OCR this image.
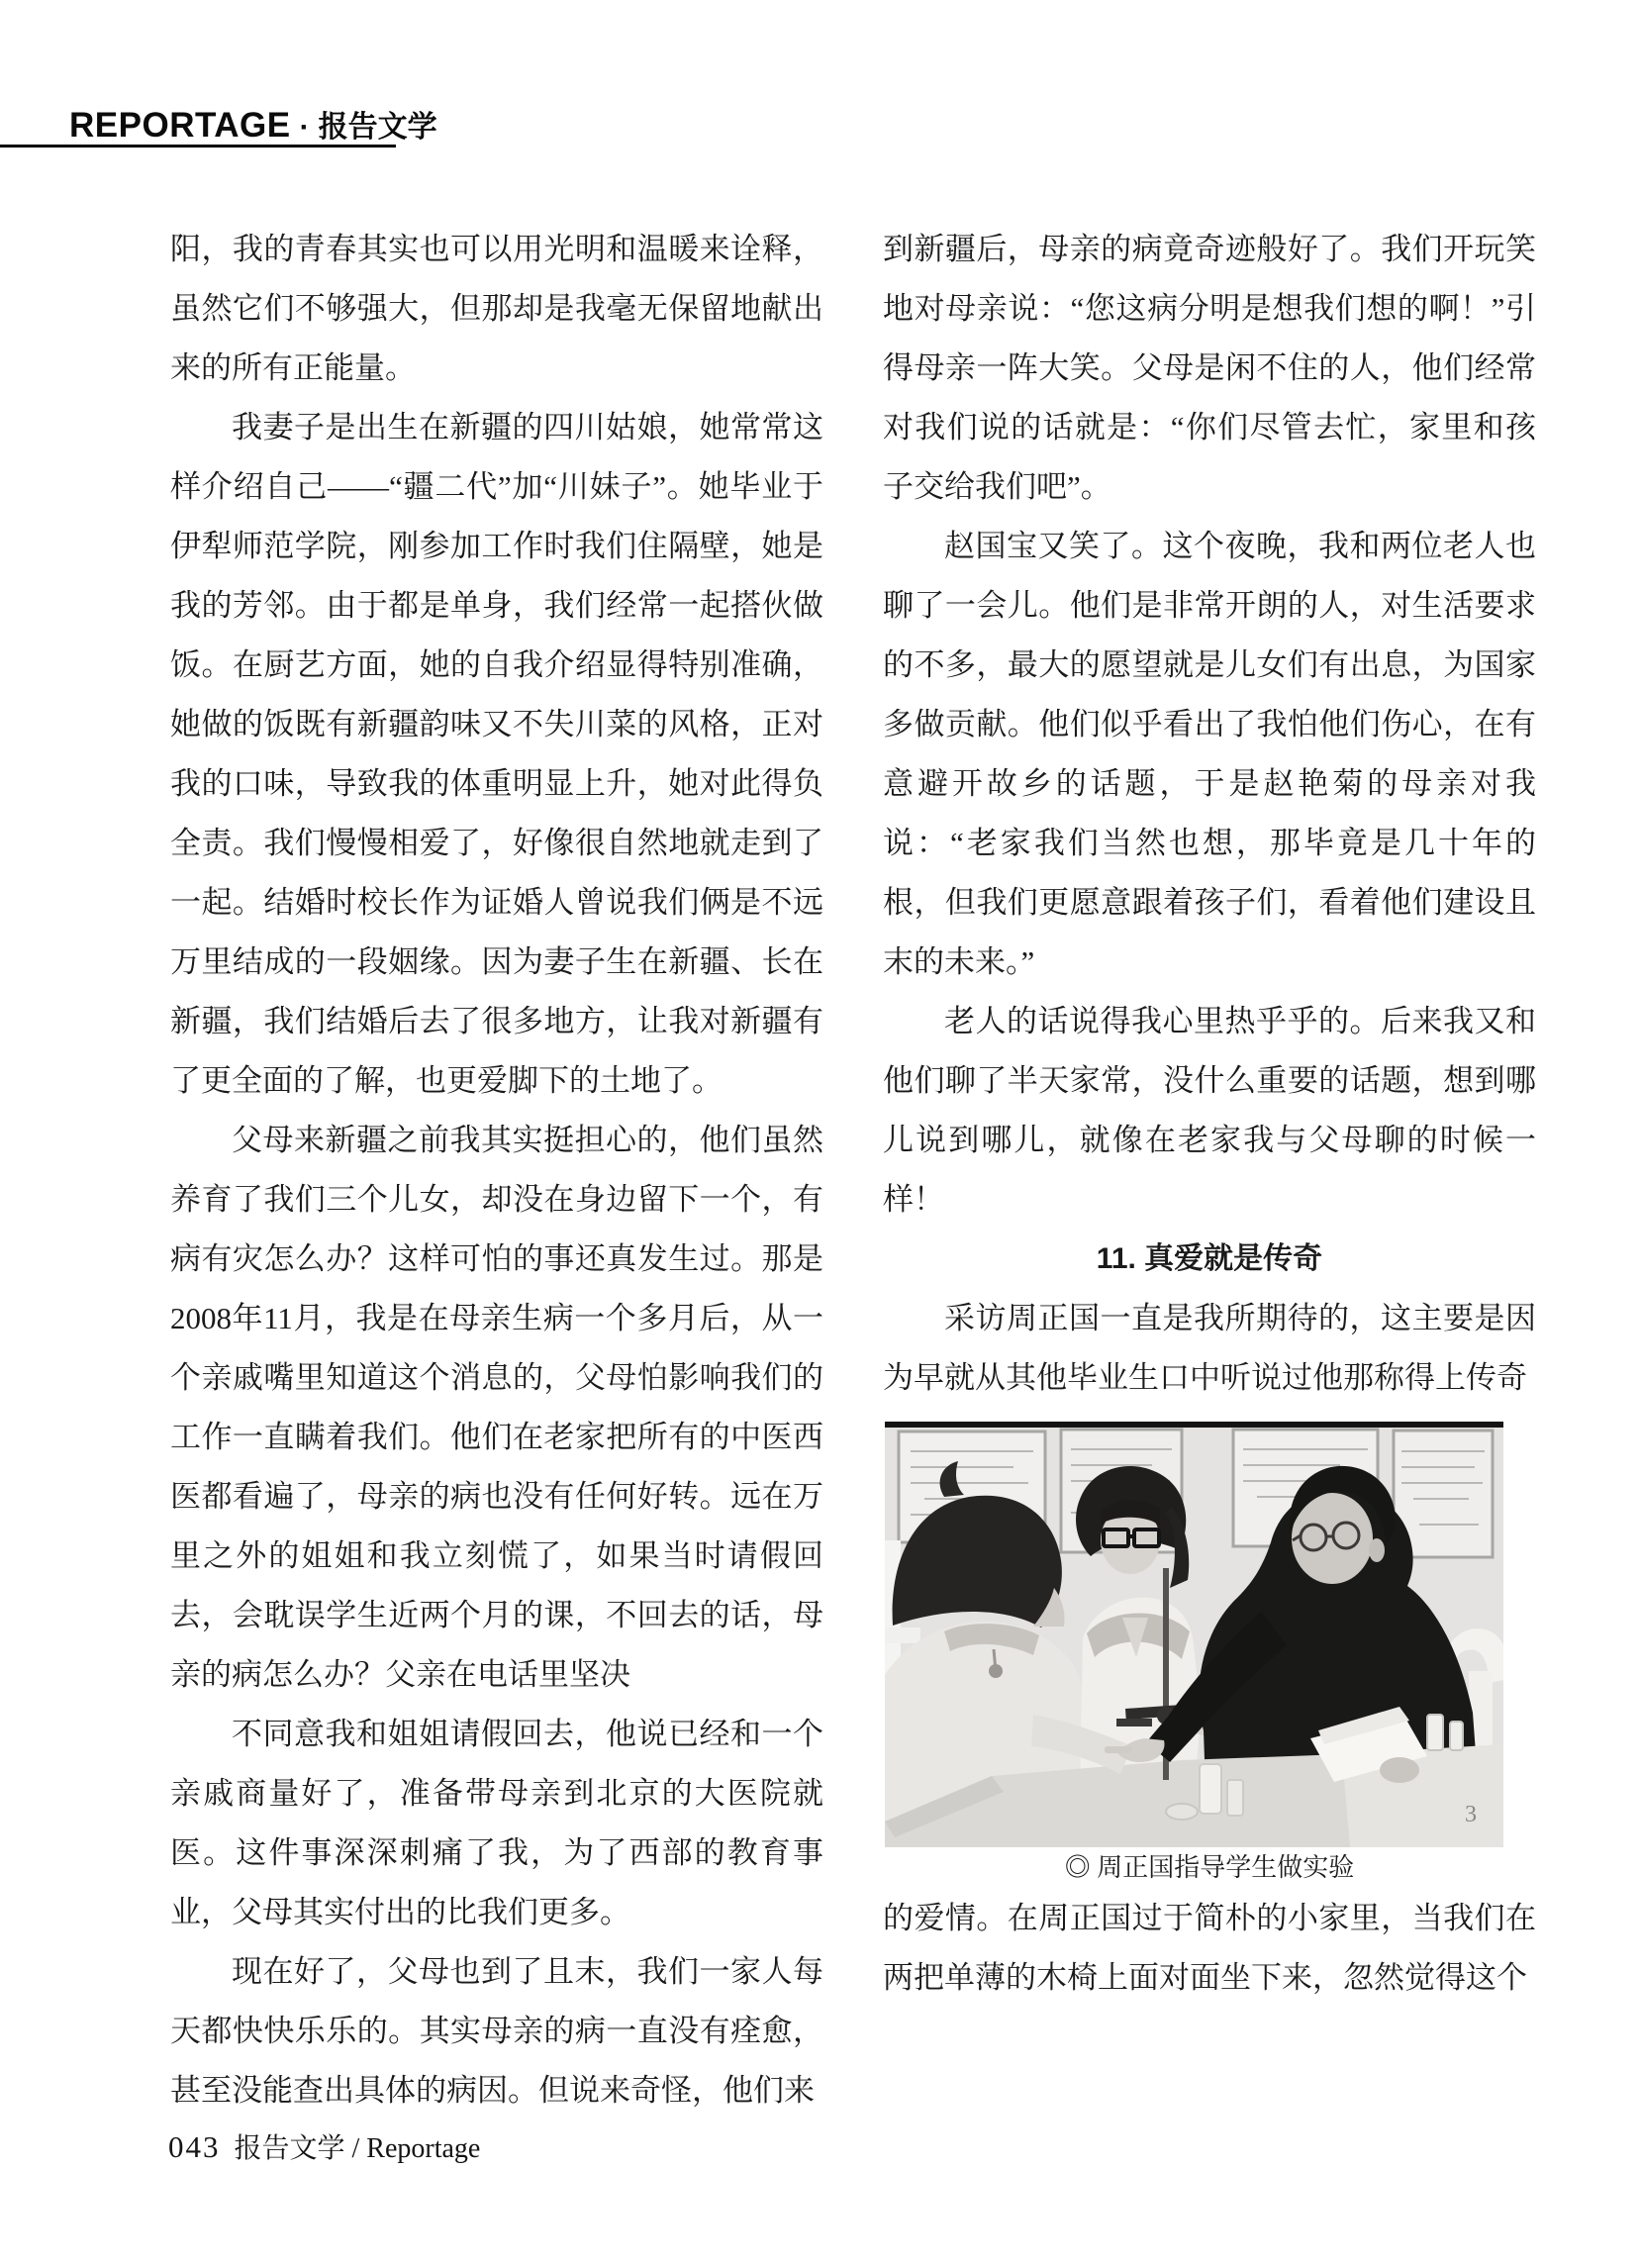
REPORTAGE · 报告文学

阳，我的青春其实也可以用光明和温暖来诠释，虽然它们不够强大，但那却是我毫无保留地献出来的所有正能量。

我妻子是出生在新疆的四川姑娘，她常常这样介绍自己——“疆二代”加“川妹子”。她毕业于伊犁师范学院，刚参加工作时我们住隔壁，她是我的芳邻。由于都是单身，我们经常一起搭伙做饭。在厨艺方面，她的自我介绍显得特别准确，她做的饭既有新疆韵味又不失川菜的风格，正对我的口味，导致我的体重明显上升，她对此得负全责。我们慢慢相爱了，好像很自然地就走到了一起。结婚时校长作为证婚人曾说我们俩是不远万里结成的一段姻缘。因为妻子生在新疆、长在新疆，我们结婚后去了很多地方，让我对新疆有了更全面的了解，也更爱脚下的土地了。

父母来新疆之前我其实挺担心的，他们虽然养育了我们三个儿女，却没在身边留下一个，有病有灾怎么办？这样可怕的事还真发生过。那是2008年11月，我是在母亲生病一个多月后，从一个亲戚嘴里知道这个消息的，父母怕影响我们的工作一直瞒着我们。他们在老家把所有的中医西医都看遍了，母亲的病也没有任何好转。远在万里之外的姐姐和我立刻慌了，如果当时请假回去，会耽误学生近两个月的课，不回去的话，母亲的病怎么办？父亲在电话里坚决

不同意我和姐姐请假回去，他说已经和一个亲戚商量好了，准备带母亲到北京的大医院就医。这件事深深刺痛了我，为了西部的教育事业，父母其实付出的比我们更多。

现在好了，父母也到了且末，我们一家人每天都快快乐乐的。其实母亲的病一直没有痊愈，甚至没能查出具体的病因。但说来奇怪，他们来

到新疆后，母亲的病竟奇迹般好了。我们开玩笑地对母亲说：“您这病分明是想我们想的啊！”引得母亲一阵大笑。父母是闲不住的人，他们经常对我们说的话就是：“你们尽管去忙，家里和孩子交给我们吧”。

赵国宝又笑了。这个夜晚，我和两位老人也聊了一会儿。他们是非常开朗的人，对生活要求的不多，最大的愿望就是儿女们有出息，为国家多做贡献。他们似乎看出了我怕他们伤心，在有意避开故乡的话题，于是赵艳菊的母亲对我说：“老家我们当然也想，那毕竟是几十年的根，但我们更愿意跟着孩子们，看着他们建设且末的未来。”

老人的话说得我心里热乎乎的。后来我又和他们聊了半天家常，没什么重要的话题，想到哪儿说到哪儿，就像在老家我与父母聊的时候一样！

11. 真爱就是传奇

采访周正国一直是我所期待的，这主要是因为早就从其他毕业生口中听说过他那称得上传奇

3

◎ 周正国指导学生做实验

的爱情。在周正国过于简朴的小家里，当我们在两把单薄的木椅上面对面坐下来，忽然觉得这个

043 报告文学 / Reportage
